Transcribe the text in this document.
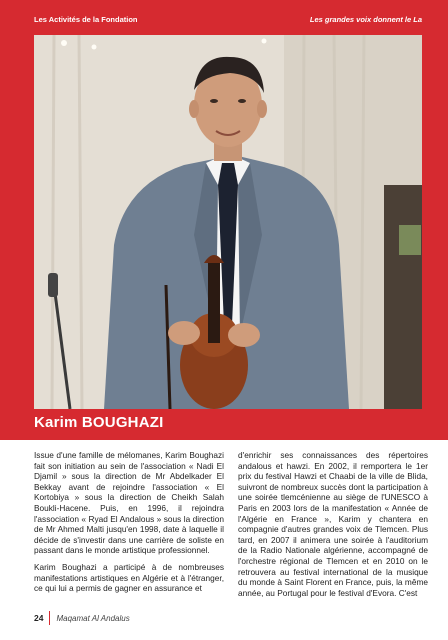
Les Activités de la Fondation	Les grandes voix donnent le La
Karim BOUGHAZI

Issue d'une famille de mélomanes, Karim Boughazi fait son initiation au sein de l'association « Nadi El Djamil » sous la direction de Mr Abdelkader El Bekkay avant de rejoindre l'association « El Kortobiya » sous la direction de Cheikh Salah Boukli-Hacene. Puis, en 1996, il rejoindra l'association « Ryad El Andalous » sous la direction de Mr Ahmed Malti jusqu'en 1998, date à laquelle il décide de s'investir dans une carrière de soliste en passant dans le monde artistique professionnel.

Karim Boughazi a participé à de nombreuses manifestations artistiques en Algérie et à l'étranger, ce qui lui a permis de gagner en assurance et

d'enrichir ses connaissances des répertoires andalous et hawzi. En 2002, il remportera le 1er prix du festival Hawzi et Chaabi de la ville de Blida, suivront de nombreux succès dont la participation à une soirée tlemcénienne au siège de l'UNESCO à Paris en 2003 lors de la manifestation « Année de l'Algérie en France », Karim y chantera en compagnie d'autres grandes voix de Tlemcen. Plus tard, en 2007 il animera une soirée à l'auditorium de la Radio Nationale algérienne, accompagné de l'orchestre régional de Tlemcen et en 2010 on le retrouvera au festival international de la musique du monde à Saint Florent en France, puis, la même année, au Portugal pour le festival d'Evora. C'est

24 Maqamat Al Andalus
